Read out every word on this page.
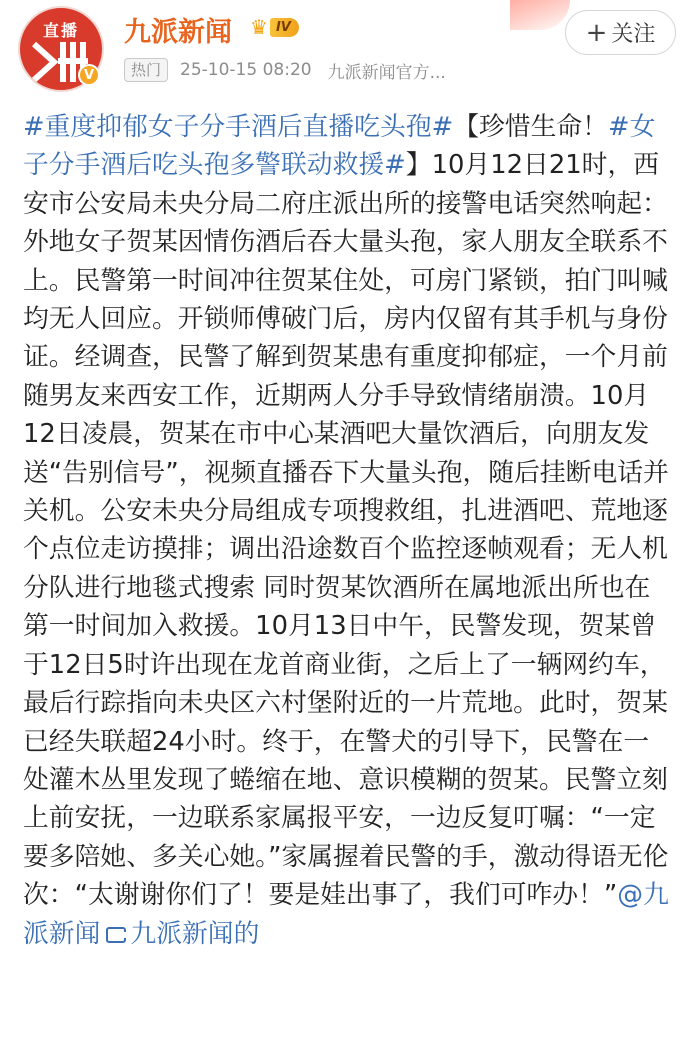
直播
V
九派新闻 ♛ IV
热门	25-10-15 08:20 九派新闻官方...
+ 关注

#重度抑郁女子分手酒后直播吃头孢#【珍惜生命！#女子分手酒后吃头孢多警联动救援#】10月12日21时，西安市公安局未央分局二府庄派出所的接警电话突然响起：外地女子贺某因情伤酒后吞大量头孢，家人朋友全联系不上。民警第一时间冲往贺某住处，可房门紧锁，拍门叫喊均无人回应。开锁师傅破门后，房内仅留有其手机与身份证。经调查，民警了解到贺某患有重度抑郁症，一个月前随男友来西安工作，近期两人分手导致情绪崩溃。10月12日凌晨，贺某在市中心某酒吧大量饮酒后，向朋友发送“告别信号”，视频直播吞下大量头孢，随后挂断电话并关机。公安未央分局组成专项搜救组，扎进酒吧、荒地逐个点位走访摸排；调出沿途数百个监控逐帧观看；无人机分队进行地毯式搜索 同时贺某饮酒所在属地派出所也在第一时间加入救援。10月13日中午，民警发现，贺某曾于12日5时许出现在龙首商业街，之后上了一辆网约车，最后行踪指向未央区六村堡附近的一片荒地。此时，贺某已经失联超24小时。终于，在警犬的引导下，民警在一处灌木丛里发现了蜷缩在地、意识模糊的贺某。民警立刻上前安抚，一边联系家属报平安，一边反复叮嘱：“一定要多陪她、多关心她。”家属握着民警的手，激动得语无伦次：“太谢谢你们了！要是娃出事了，我们可咋办！”@九派新闻 九派新闻的
